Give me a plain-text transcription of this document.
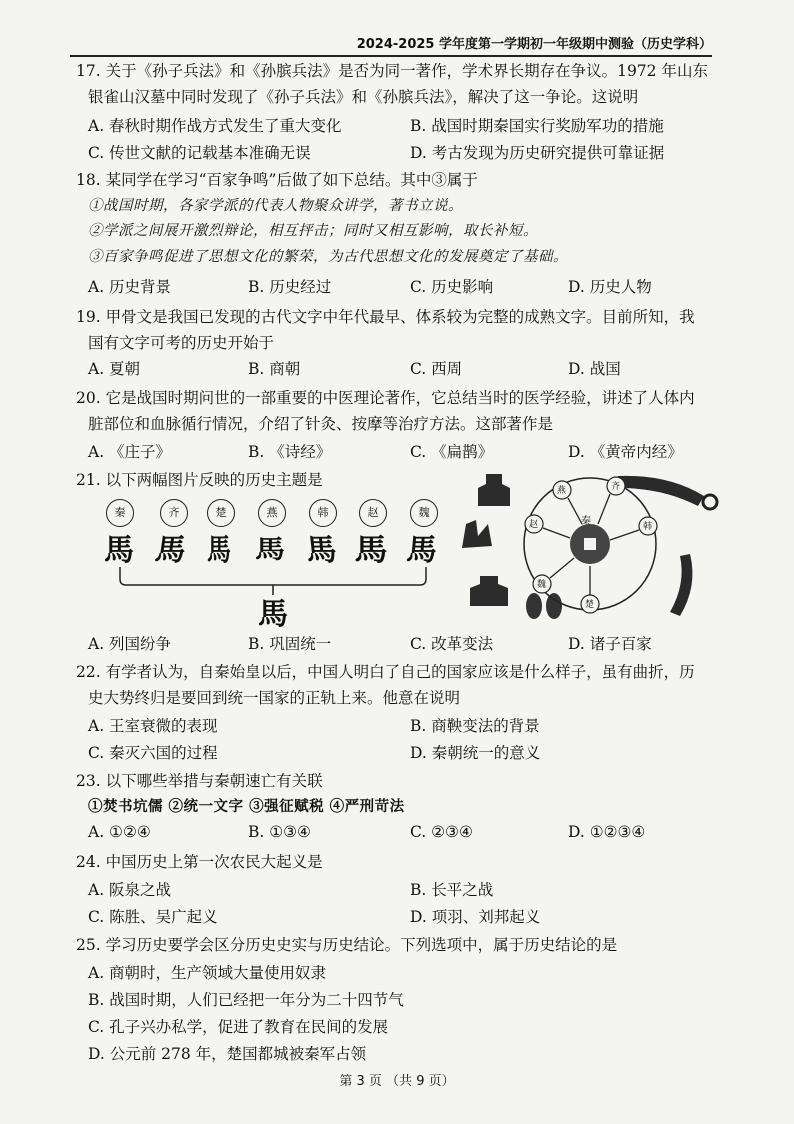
2024-2025 学年度第一学期初一年级期中测验（历史学科）
17. 关于《孙子兵法》和《孙膑兵法》是否为同一著作，学术界长期存在争议。1972 年山东
银雀山汉墓中同时发现了《孙子兵法》和《孙膑兵法》，解决了这一争论。这说明
A. 春秋时期作战方式发生了重大变化	B. 战国时期秦国实行奖励军功的措施
C. 传世文献的记载基本准确无误	D. 考古发现为历史研究提供可靠证据
18. 某同学在学习“百家争鸣”后做了如下总结。其中③属于
①战国时期，各家学派的代表人物聚众讲学，著书立说。
②学派之间展开激烈辩论，相互抨击；同时又相互影响，取长补短。
③百家争鸣促进了思想文化的繁荣，为古代思想文化的发展奠定了基础。
A. 历史背景	B. 历史经过	C. 历史影响	D. 历史人物
19. 甲骨文是我国已发现的古代文字中年代最早、体系较为完整的成熟文字。目前所知，我
国有文字可考的历史开始于
A. 夏朝	B. 商朝	C. 西周	D. 战国
20. 它是战国时期问世的一部重要的中医理论著作，它总结当时的医学经验，讲述了人体内
脏部位和血脉循行情况，介绍了针灸、按摩等治疗方法。这部著作是
A. 《庄子》	B. 《诗经》	C. 《扁鹊》	D. 《黄帝内经》
21. 以下两幅图片反映的历史主题是
秦	齐	楚	燕	韩	赵	魏
馬 馬 馬 馬 馬 馬 馬
馬
秦
齐
燕
赵	韩
楚
魏
A. 列国纷争	B. 巩固统一	C. 改革变法	D. 诸子百家
22. 有学者认为，自秦始皇以后，中国人明白了自己的国家应该是什么样子，虽有曲折，历
史大势终归是要回到统一国家的正轨上来。他意在说明
A. 王室衰微的表现	B. 商鞅变法的背景
C. 秦灭六国的过程	D. 秦朝统一的意义
23. 以下哪些举措与秦朝速亡有关联
①焚书坑儒 ②统一文字 ③强征赋税 ④严刑苛法
A. ①②④	B. ①③④	C. ②③④	D. ①②③④
24. 中国历史上第一次农民大起义是
A. 阪泉之战	B. 长平之战
C. 陈胜、吴广起义	D. 项羽、刘邦起义
25. 学习历史要学会区分历史史实与历史结论。下列选项中，属于历史结论的是
A. 商朝时，生产领域大量使用奴隶
B. 战国时期，人们已经把一年分为二十四节气
C. 孔子兴办私学，促进了教育在民间的发展
D. 公元前 278 年，楚国都城被秦军占领
第 3 页 （共 9 页）
